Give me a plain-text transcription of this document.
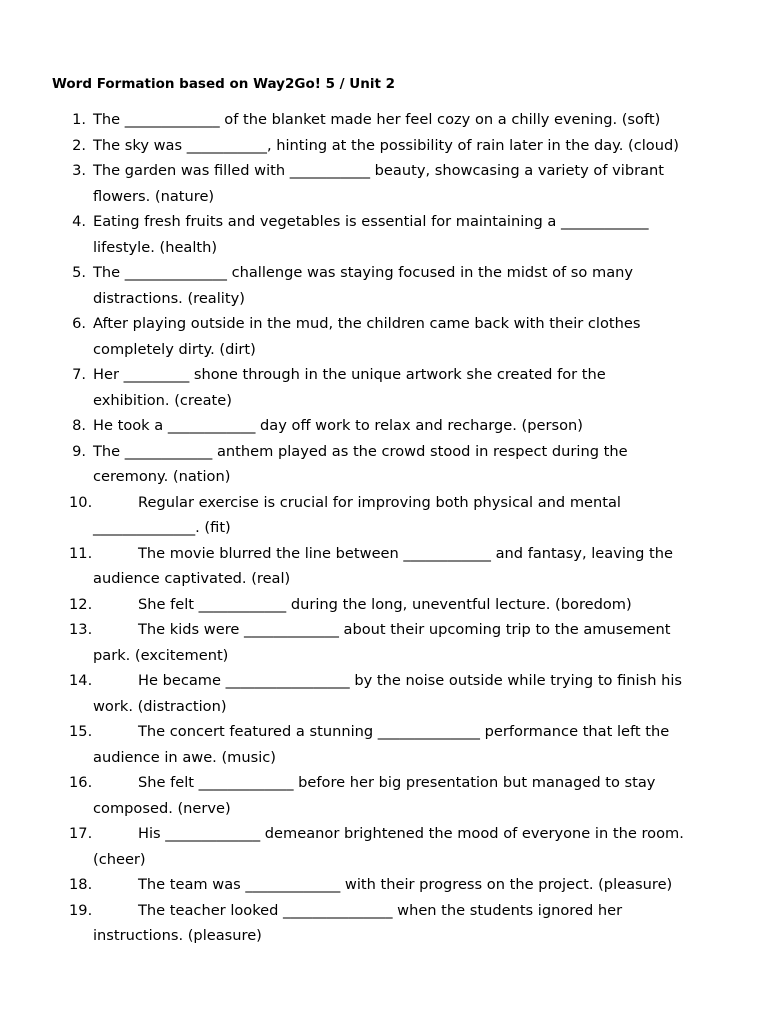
Word Formation based on Way2Go! 5 / Unit 2
1. The _____________ of the blanket made her feel cozy on a chilly evening. (soft)
2. The sky was ___________, hinting at the possibility of rain later in the day. (cloud)
3. The garden was filled with ___________ beauty, showcasing a variety of vibrant
flowers. (nature)
4. Eating fresh fruits and vegetables is essential for maintaining a ____________
lifestyle. (health)
5. The ______________ challenge was staying focused in the midst of so many
distractions. (reality)
6. After playing outside in the mud, the children came back with their clothes
completely dirty. (dirt)
7. Her _________ shone through in the unique artwork she created for the
exhibition. (create)
8. He took a ____________ day off work to relax and recharge. (person)
9. The ____________ anthem played as the crowd stood in respect during the
ceremony. (nation)
10.	Regular exercise is crucial for improving both physical and mental
______________. (fit)
11.	The movie blurred the line between ____________ and fantasy, leaving the
audience captivated. (real)
12.	She felt ____________ during the long, uneventful lecture. (boredom)
13.	The kids were _____________ about their upcoming trip to the amusement
park. (excitement)
14.	He became _________________ by the noise outside while trying to finish his
work. (distraction)
15.	The concert featured a stunning ______________ performance that left the
audience in awe. (music)
16.	She felt _____________ before her big presentation but managed to stay
composed. (nerve)
17.	His _____________ demeanor brightened the mood of everyone in the room.
(cheer)
18.	The team was _____________ with their progress on the project. (pleasure)
19.	The teacher looked _______________ when the students ignored her
instructions. (pleasure)
